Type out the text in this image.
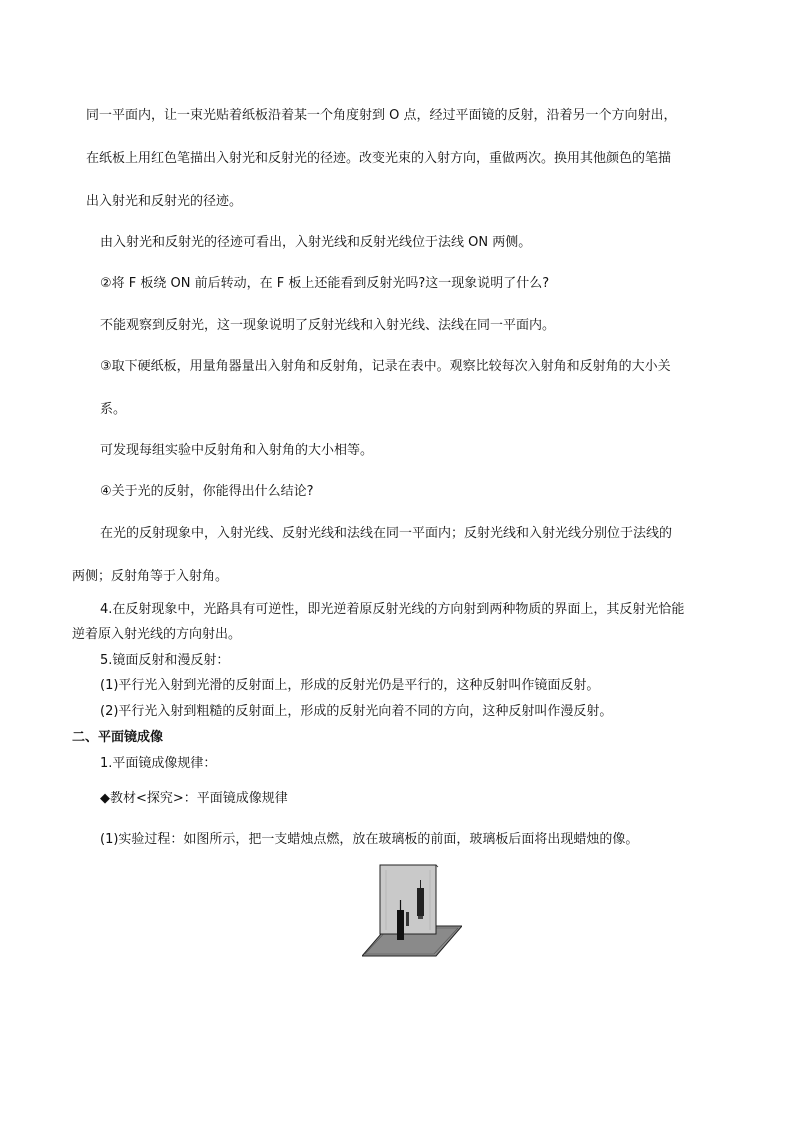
同一平面内，让一束光贴着纸板沿着某一个角度射到 O 点，经过平面镜的反射，沿着另一个方向射出，
在纸板上用红色笔描出入射光和反射光的径迹。改变光束的入射方向，重做两次。换用其他颜色的笔描
出入射光和反射光的径迹。
由入射光和反射光的径迹可看出，入射光线和反射光线位于法线 ON 两侧。
②将 F 板绕 ON 前后转动，在 F 板上还能看到反射光吗?这一现象说明了什么?
不能观察到反射光，这一现象说明了反射光线和入射光线、法线在同一平面内。
③取下硬纸板，用量角器量出入射角和反射角，记录在表中。观察比较每次入射角和反射角的大小关
系。
可发现每组实验中反射角和入射角的大小相等。
④关于光的反射，你能得出什么结论?
在光的反射现象中，入射光线、反射光线和法线在同一平面内；反射光线和入射光线分别位于法线的
两侧；反射角等于入射角。
4.在反射现象中，光路具有可逆性，即光逆着原反射光线的方向射到两种物质的界面上，其反射光恰能
逆着原入射光线的方向射出。
5.镜面反射和漫反射：
(1)平行光入射到光滑的反射面上，形成的反射光仍是平行的，这种反射叫作镜面反射。
(2)平行光入射到粗糙的反射面上，形成的反射光向着不同的方向，这种反射叫作漫反射。
二、平面镜成像
1.平面镜成像规律：
◆教材<探究>：平面镜成像规律
(1)实验过程：如图所示，把一支蜡烛点燃，放在玻璃板的前面，玻璃板后面将出现蜡烛的像。
